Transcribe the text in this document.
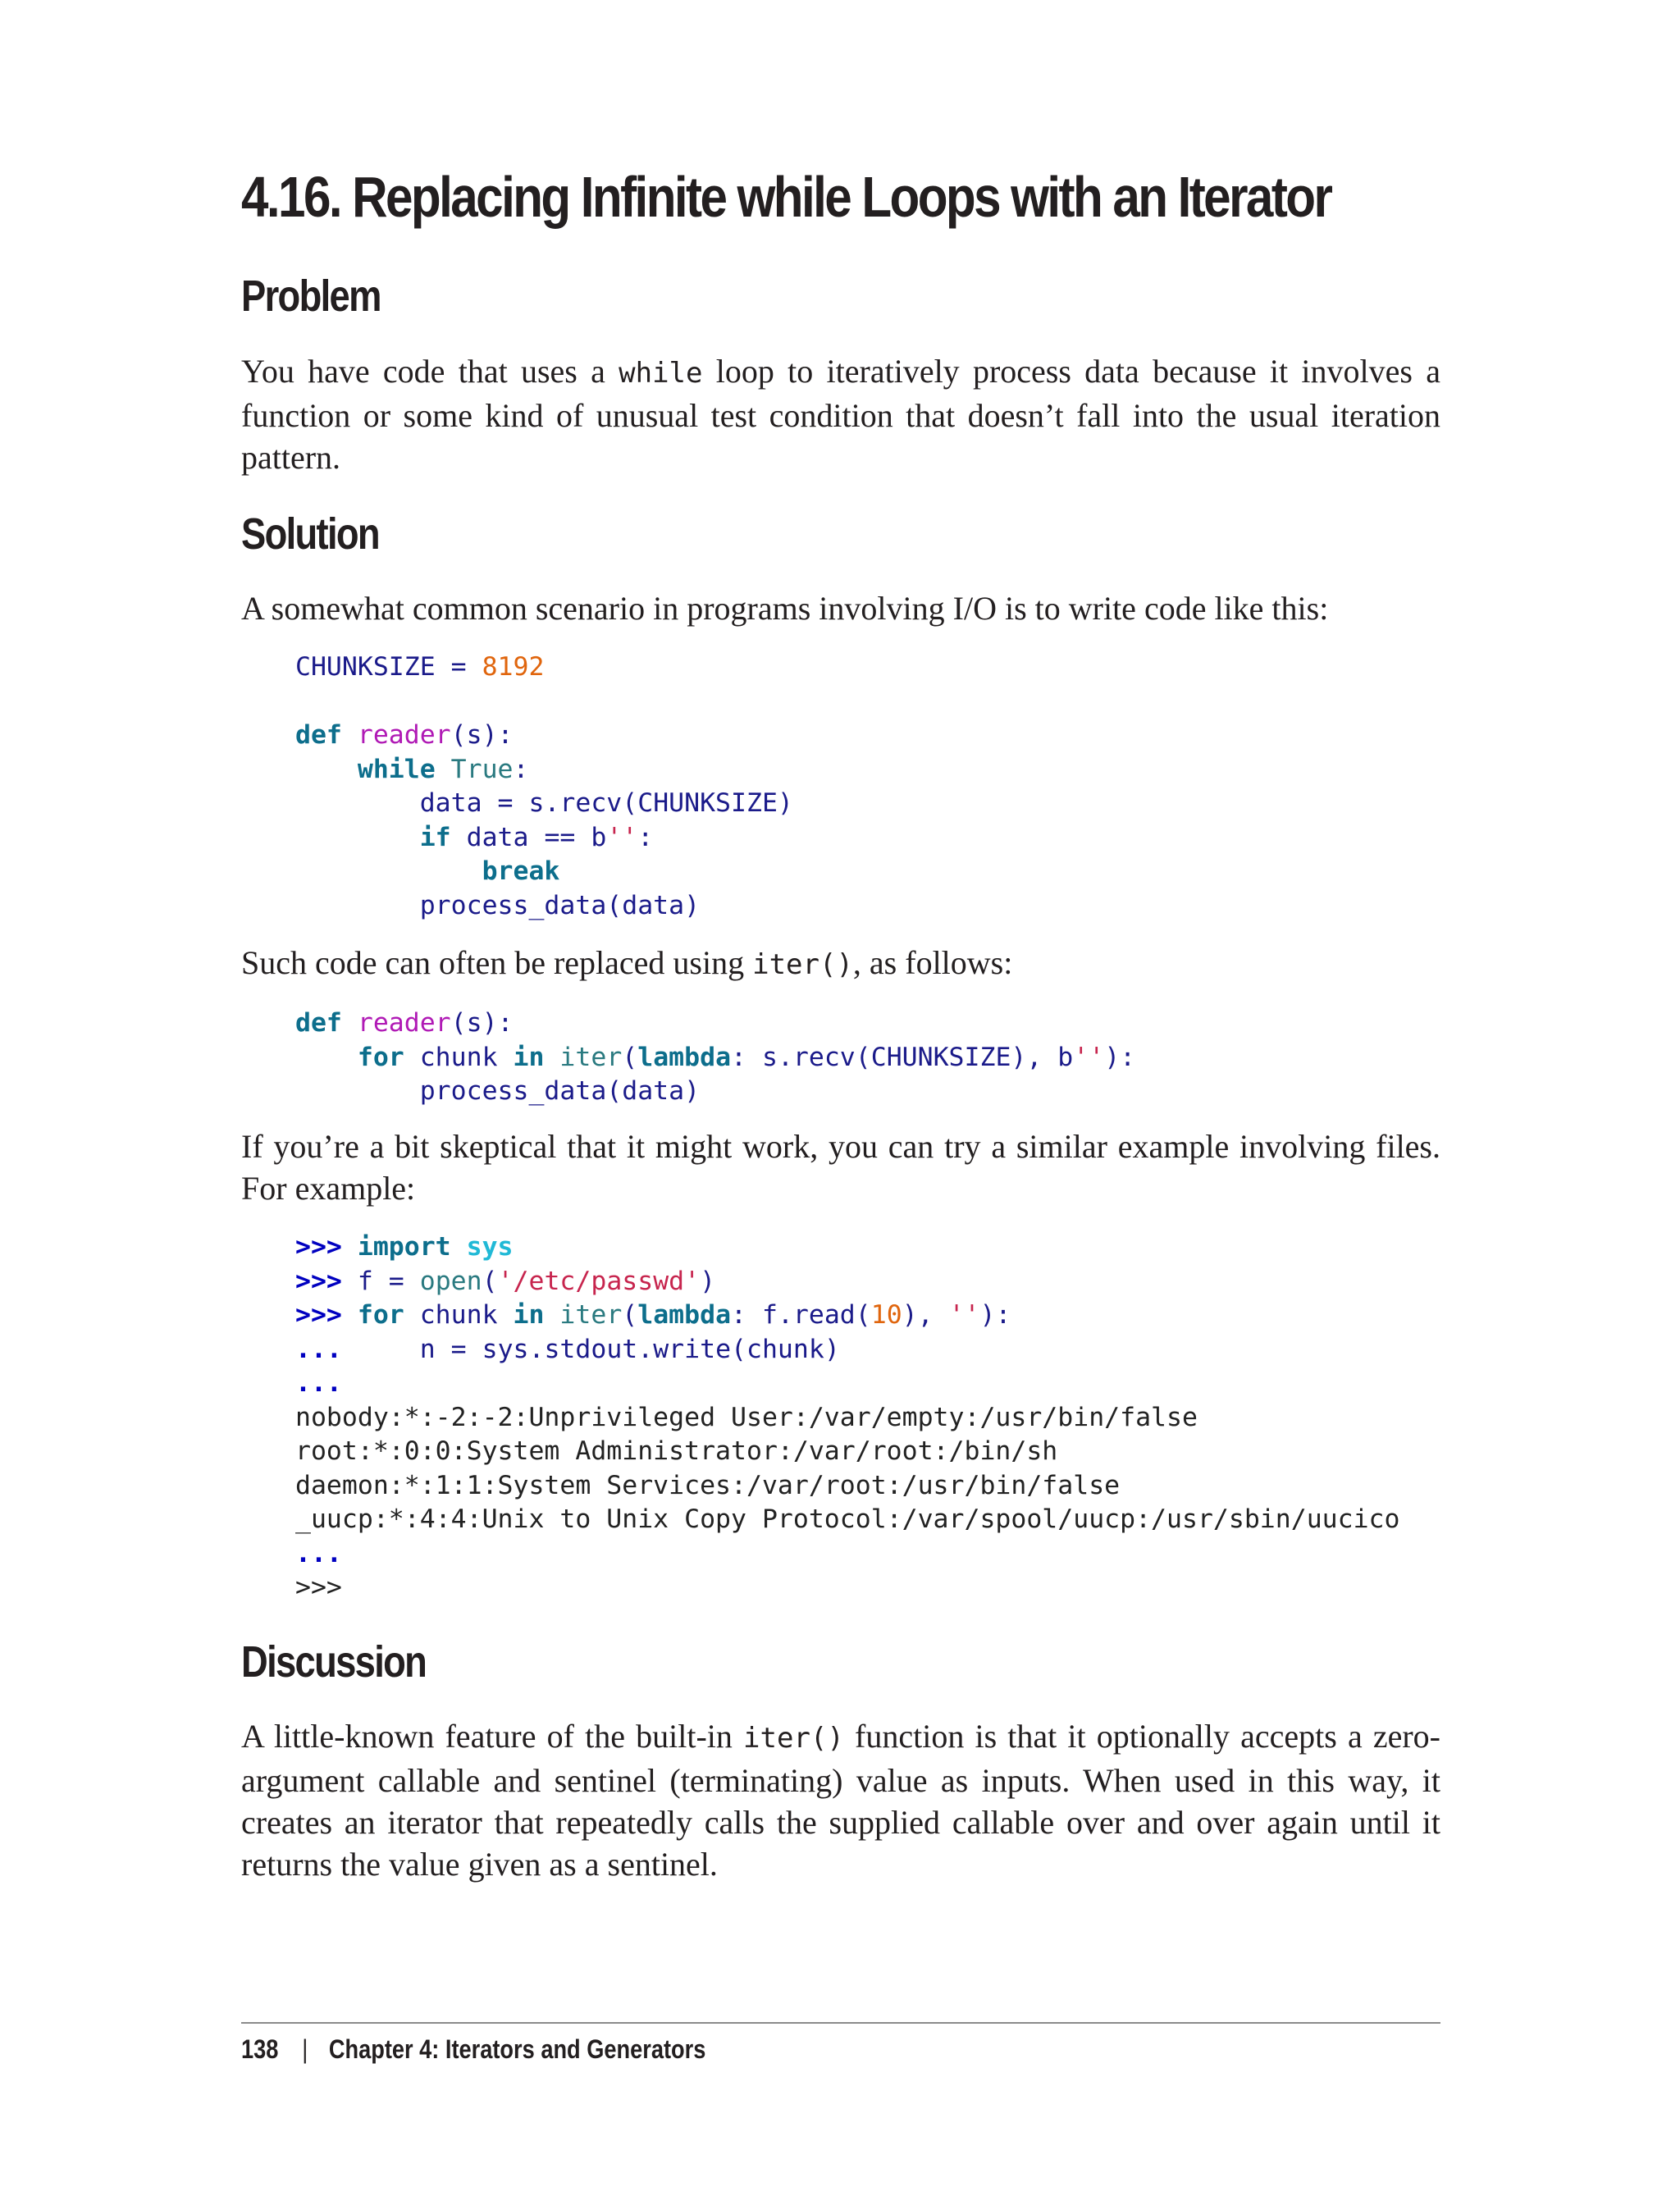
4.16. Replacing Infinite while Loops with an Iterator
Problem

You have code that uses a while loop to iteratively process data because it involves a function or some kind of unusual test condition that doesn’t fall into the usual iteration pattern.

Solution

A somewhat common scenario in programs involving I/O is to write code like this:

CHUNKSIZE = 8192

def reader(s):
while True:
data = s.recv(CHUNKSIZE)
if data == b'':
break
process_data(data)

Such code can often be replaced using iter(), as follows:

def reader(s):
for chunk in iter(lambda: s.recv(CHUNKSIZE), b''):
process_data(data)

If you’re a bit skeptical that it might work, you can try a similar example involving files. For example:

>>> import sys
>>> f = open('/etc/passwd')
>>> for chunk in iter(lambda: f.read(10), ''):
...     n = sys.stdout.write(chunk)
...
nobody:*:-2:-2:Unprivileged User:/var/empty:/usr/bin/false
root:*:0:0:System Administrator:/var/root:/bin/sh
daemon:*:1:1:System Services:/var/root:/usr/bin/false
_uucp:*:4:4:Unix to Unix Copy Protocol:/var/spool/uucp:/usr/sbin/uucico
...
>>>
Discussion

A little-known feature of the built-in iter() function is that it optionally accepts a zero-argument callable and sentinel (terminating) value as inputs. When used in this way, it creates an iterator that repeatedly calls the supplied callable over and over again until it returns the value given as a sentinel.

138 | Chapter 4: Iterators and Generators
